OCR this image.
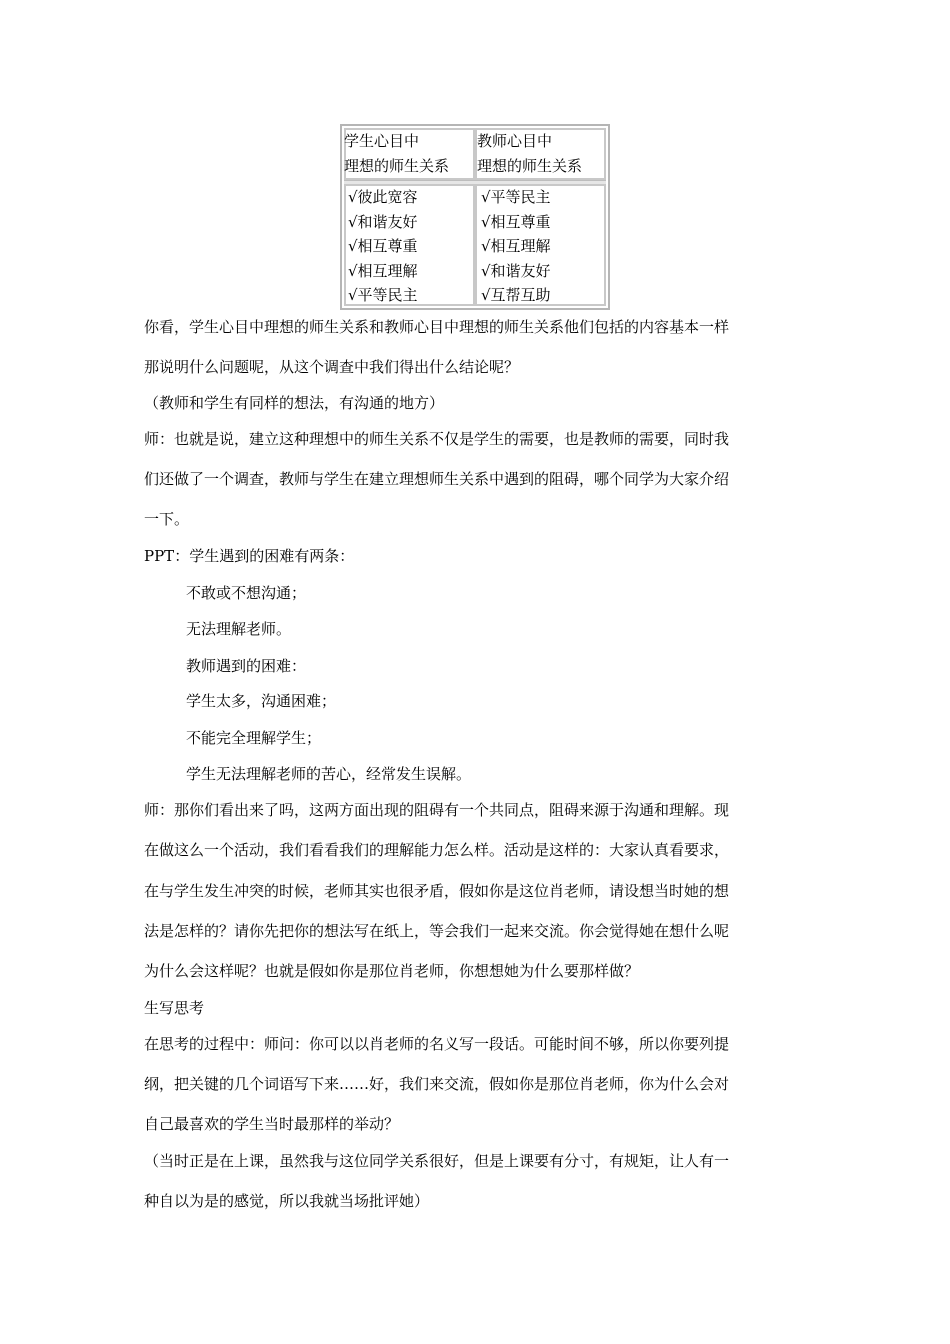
学生心目中
理想的师生关系
教师心目中
理想的师生关系
√彼此宽容
√和谐友好
√相互尊重
√相互理解
√平等民主
√平等民主
√相互尊重
√相互理解
√和谐友好
√互帮互助
你看，学生心目中理想的师生关系和教师心目中理想的师生关系他们包括的内容基本一样
那说明什么问题呢，从这个调查中我们得出什么结论呢？
（教师和学生有同样的想法，有沟通的地方）
师：也就是说，建立这种理想中的师生关系不仅是学生的需要，也是教师的需要，同时我
们还做了一个调查，教师与学生在建立理想师生关系中遇到的阻碍，哪个同学为大家介绍
一下。
PPT：学生遇到的困难有两条：
不敢或不想沟通；
无法理解老师。
教师遇到的困难：
学生太多，沟通困难；
不能完全理解学生；
学生无法理解老师的苦心，经常发生误解。
师：那你们看出来了吗，这两方面出现的阻碍有一个共同点，阻碍来源于沟通和理解。现
在做这么一个活动，我们看看我们的理解能力怎么样。活动是这样的：大家认真看要求，
在与学生发生冲突的时候，老师其实也很矛盾，假如你是这位肖老师，请设想当时她的想
法是怎样的？请你先把你的想法写在纸上，等会我们一起来交流。你会觉得她在想什么呢
为什么会这样呢？也就是假如你是那位肖老师，你想想她为什么要那样做？
生写思考
在思考的过程中：师问：你可以以肖老师的名义写一段话。可能时间不够，所以你要列提
纲，把关键的几个词语写下来……好，我们来交流，假如你是那位肖老师，你为什么会对
自己最喜欢的学生当时最那样的举动？
（当时正是在上课，虽然我与这位同学关系很好，但是上课要有分寸，有规矩，让人有一
种自以为是的感觉，所以我就当场批评她）
